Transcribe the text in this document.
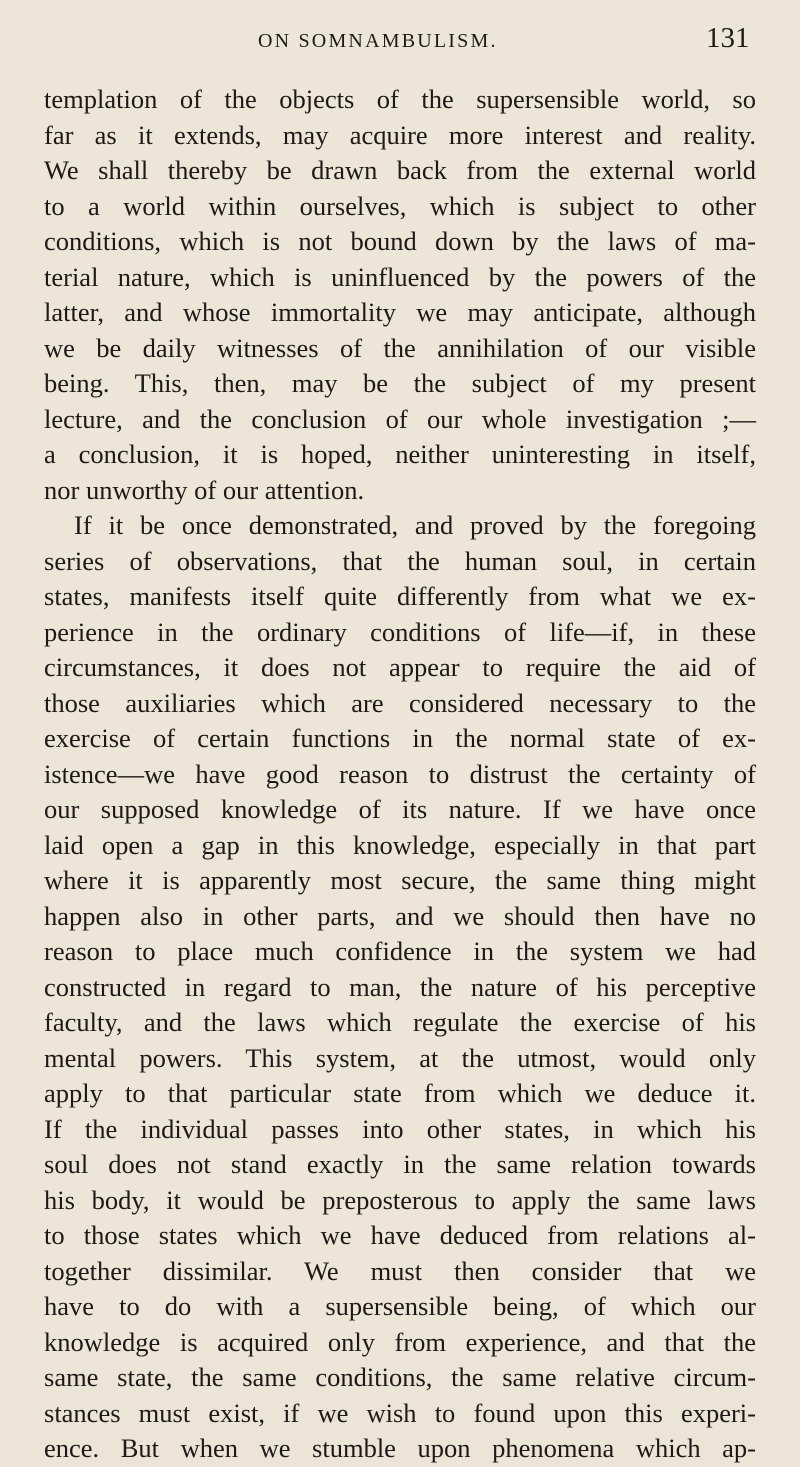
ON SOMNAMBULISM.	131
templation of the objects of the supersensible world, so
far as it extends, may acquire more interest and reality.
We shall thereby be drawn back from the external world
to a world within ourselves, which is subject to other
conditions, which is not bound down by the laws of ma-
terial nature, which is uninfluenced by the powers of the
latter, and whose immortality we may anticipate, although
we be daily witnesses of the annihilation of our visible
being. This, then, may be the subject of my present
lecture, and the conclusion of our whole investigation ;—
a conclusion, it is hoped, neither uninteresting in itself,
nor unworthy of our attention.
If it be once demonstrated, and proved by the foregoing
series of observations, that the human soul, in certain
states, manifests itself quite differently from what we ex-
perience in the ordinary conditions of life—if, in these
circumstances, it does not appear to require the aid of
those auxiliaries which are considered necessary to the
exercise of certain functions in the normal state of ex-
istence—we have good reason to distrust the certainty of
our supposed knowledge of its nature. If we have once
laid open a gap in this knowledge, especially in that part
where it is apparently most secure, the same thing might
happen also in other parts, and we should then have no
reason to place much confidence in the system we had
constructed in regard to man, the nature of his perceptive
faculty, and the laws which regulate the exercise of his
mental powers. This system, at the utmost, would only
apply to that particular state from which we deduce it.
If the individual passes into other states, in which his
soul does not stand exactly in the same relation towards
his body, it would be preposterous to apply the same laws
to those states which we have deduced from relations al-
together dissimilar. We must then consider that we
have to do with a supersensible being, of which our
knowledge is acquired only from experience, and that the
same state, the same conditions, the same relative circum-
stances must exist, if we wish to found upon this experi-
ence. But when we stumble upon phenomena which ap-
